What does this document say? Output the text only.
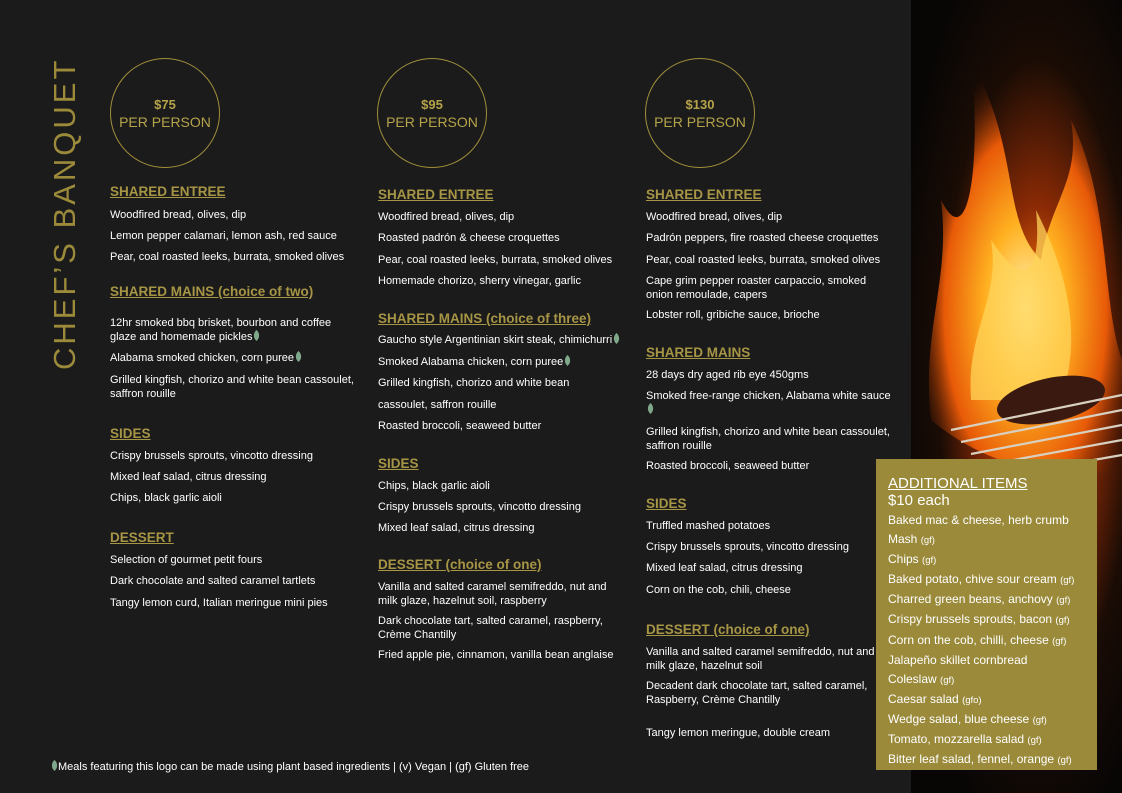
CHEF’S BANQUET	$75
PER PERSON
SHARED ENTREE
Woodfired bread, olives, dip
Lemon pepper calamari, lemon ash, red sauce
Pear, coal roasted leeks, burrata, smoked olives
SHARED MAINS (choice of two)
12hr smoked bbq brisket, bourbon and coffee glaze and homemade pickles
Alabama smoked chicken, corn puree
Grilled kingfish, chorizo and white bean cassoulet, saffron rouille
SIDES
Crispy brussels sprouts, vincotto dressing
Mixed leaf salad, citrus dressing
Chips, black garlic aioli
DESSERT
Selection of gourmet petit fours
Dark chocolate and salted caramel tartlets
Tangy lemon curd, Italian meringue mini pies
$95
PER PERSON
SHARED ENTREE
Woodfired bread, olives, dip
Roasted padrón & cheese croquettes
Pear, coal roasted leeks, burrata, smoked olives
Homemade chorizo, sherry vinegar, garlic
SHARED MAINS (choice of three)
Gaucho style Argentinian skirt steak, chimichurri
Smoked Alabama chicken, corn puree
Grilled kingfish, chorizo and white bean
cassoulet, saffron rouille
Roasted broccoli, seaweed butter
SIDES
Chips, black garlic aioli
Crispy brussels sprouts, vincotto dressing
Mixed leaf salad, citrus dressing
DESSERT (choice of one)
Vanilla and salted caramel semifreddo, nut and milk glaze, hazelnut soil, raspberry
Dark chocolate tart, salted caramel, raspberry, Crème Chantilly
Fried apple pie, cinnamon, vanilla bean anglaise
$130
PER PERSON
SHARED ENTREE
Woodfired bread, olives, dip
Padrón peppers, fire roasted cheese croquettes
Pear, coal roasted leeks, burrata, smoked olives
Cape grim pepper roaster carpaccio, smoked onion remoulade, capers
Lobster roll, gribiche sauce, brioche
SHARED MAINS
28 days dry aged rib eye 450gms
Smoked free-range chicken, Alabama white sauce
Grilled kingfish, chorizo and white bean cassoulet, saffron rouille
Roasted broccoli, seaweed butter
SIDES
Truffled mashed potatoes
Crispy brussels sprouts, vincotto dressing
Mixed leaf salad, citrus dressing
Corn on the cob, chili, cheese
DESSERT (choice of one)
Vanilla and salted caramel semifreddo, nut and milk glaze, hazelnut soil
Decadent dark chocolate tart, salted caramel, Raspberry, Crème Chantilly
Tangy lemon meringue, double cream
ADDITIONAL ITEMS
$10 each
Baked mac & cheese, herb crumb
Mash (gf)
Chips (gf)
Baked potato, chive sour cream (gf)
Charred green beans, anchovy (gf)
Crispy brussels sprouts, bacon (gf)
Corn on the cob, chilli, cheese (gf)
Jalapeño skillet cornbread
Coleslaw (gf)
Caesar salad (gfo)
Wedge salad, blue cheese (gf)
Tomato, mozzarella salad (gf)
Bitter leaf salad, fennel, orange (gf)
Meals featuring this logo can be made using plant based ingredients | (v) Vegan | (gf) Gluten free
